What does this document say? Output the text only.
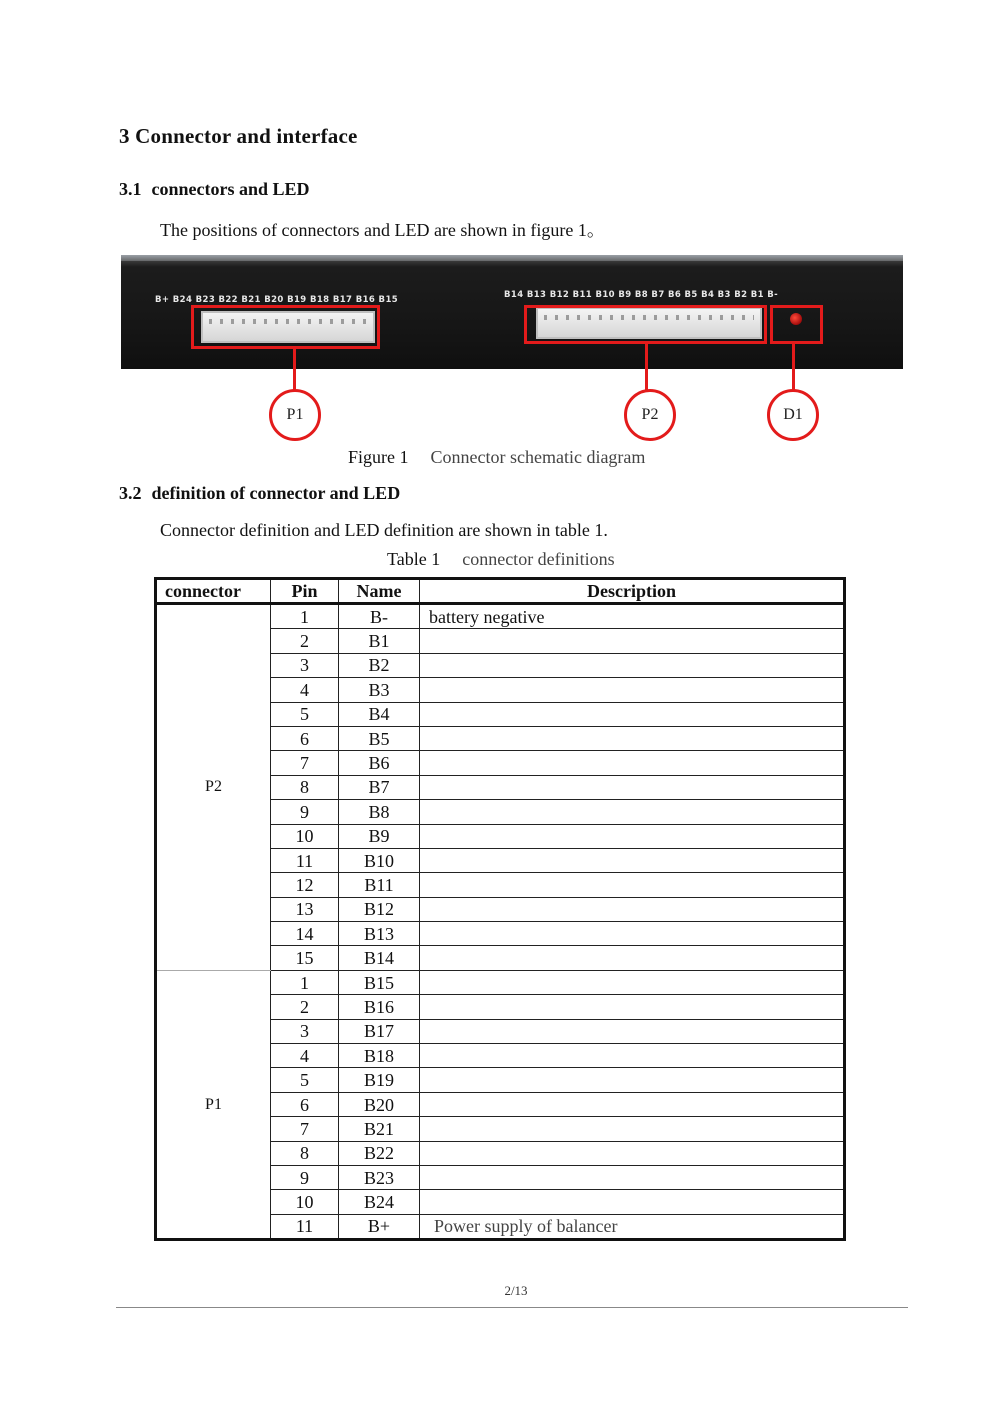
3 Connector and interface
3.1 connectors and LED
The positions of connectors and LED are shown in figure 1。
B+ B24 B23 B22 B21 B20 B19 B18 B17 B16 B15	B14 B13 B12 B11 B10 B9 B8 B7 B6 B5 B4 B3 B2 B1 B-
P1	P2	D1
Figure 1 Connector schematic diagram
3.2 definition of connector and LED
Connector definition and LED definition are shown in table 1.
Table 1 connector definitions
connector	Pin	Name	Description
P2	1	B-	battery negative
	2	B1	
	3	B2	
	4	B3	
	5	B4	
	6	B5	
	7	B6	
	8	B7	
	9	B8	
	10	B9	
	11	B10	
	12	B11	
	13	B12	
	14	B13	
	15	B14	
P1	1	B15	
	2	B16	
	3	B17	
	4	B18	
	5	B19	
	6	B20	
	7	B21	
	8	B22	
	9	B23	
	10	B24	
	11	B+	Power supply of balancer
2/13
